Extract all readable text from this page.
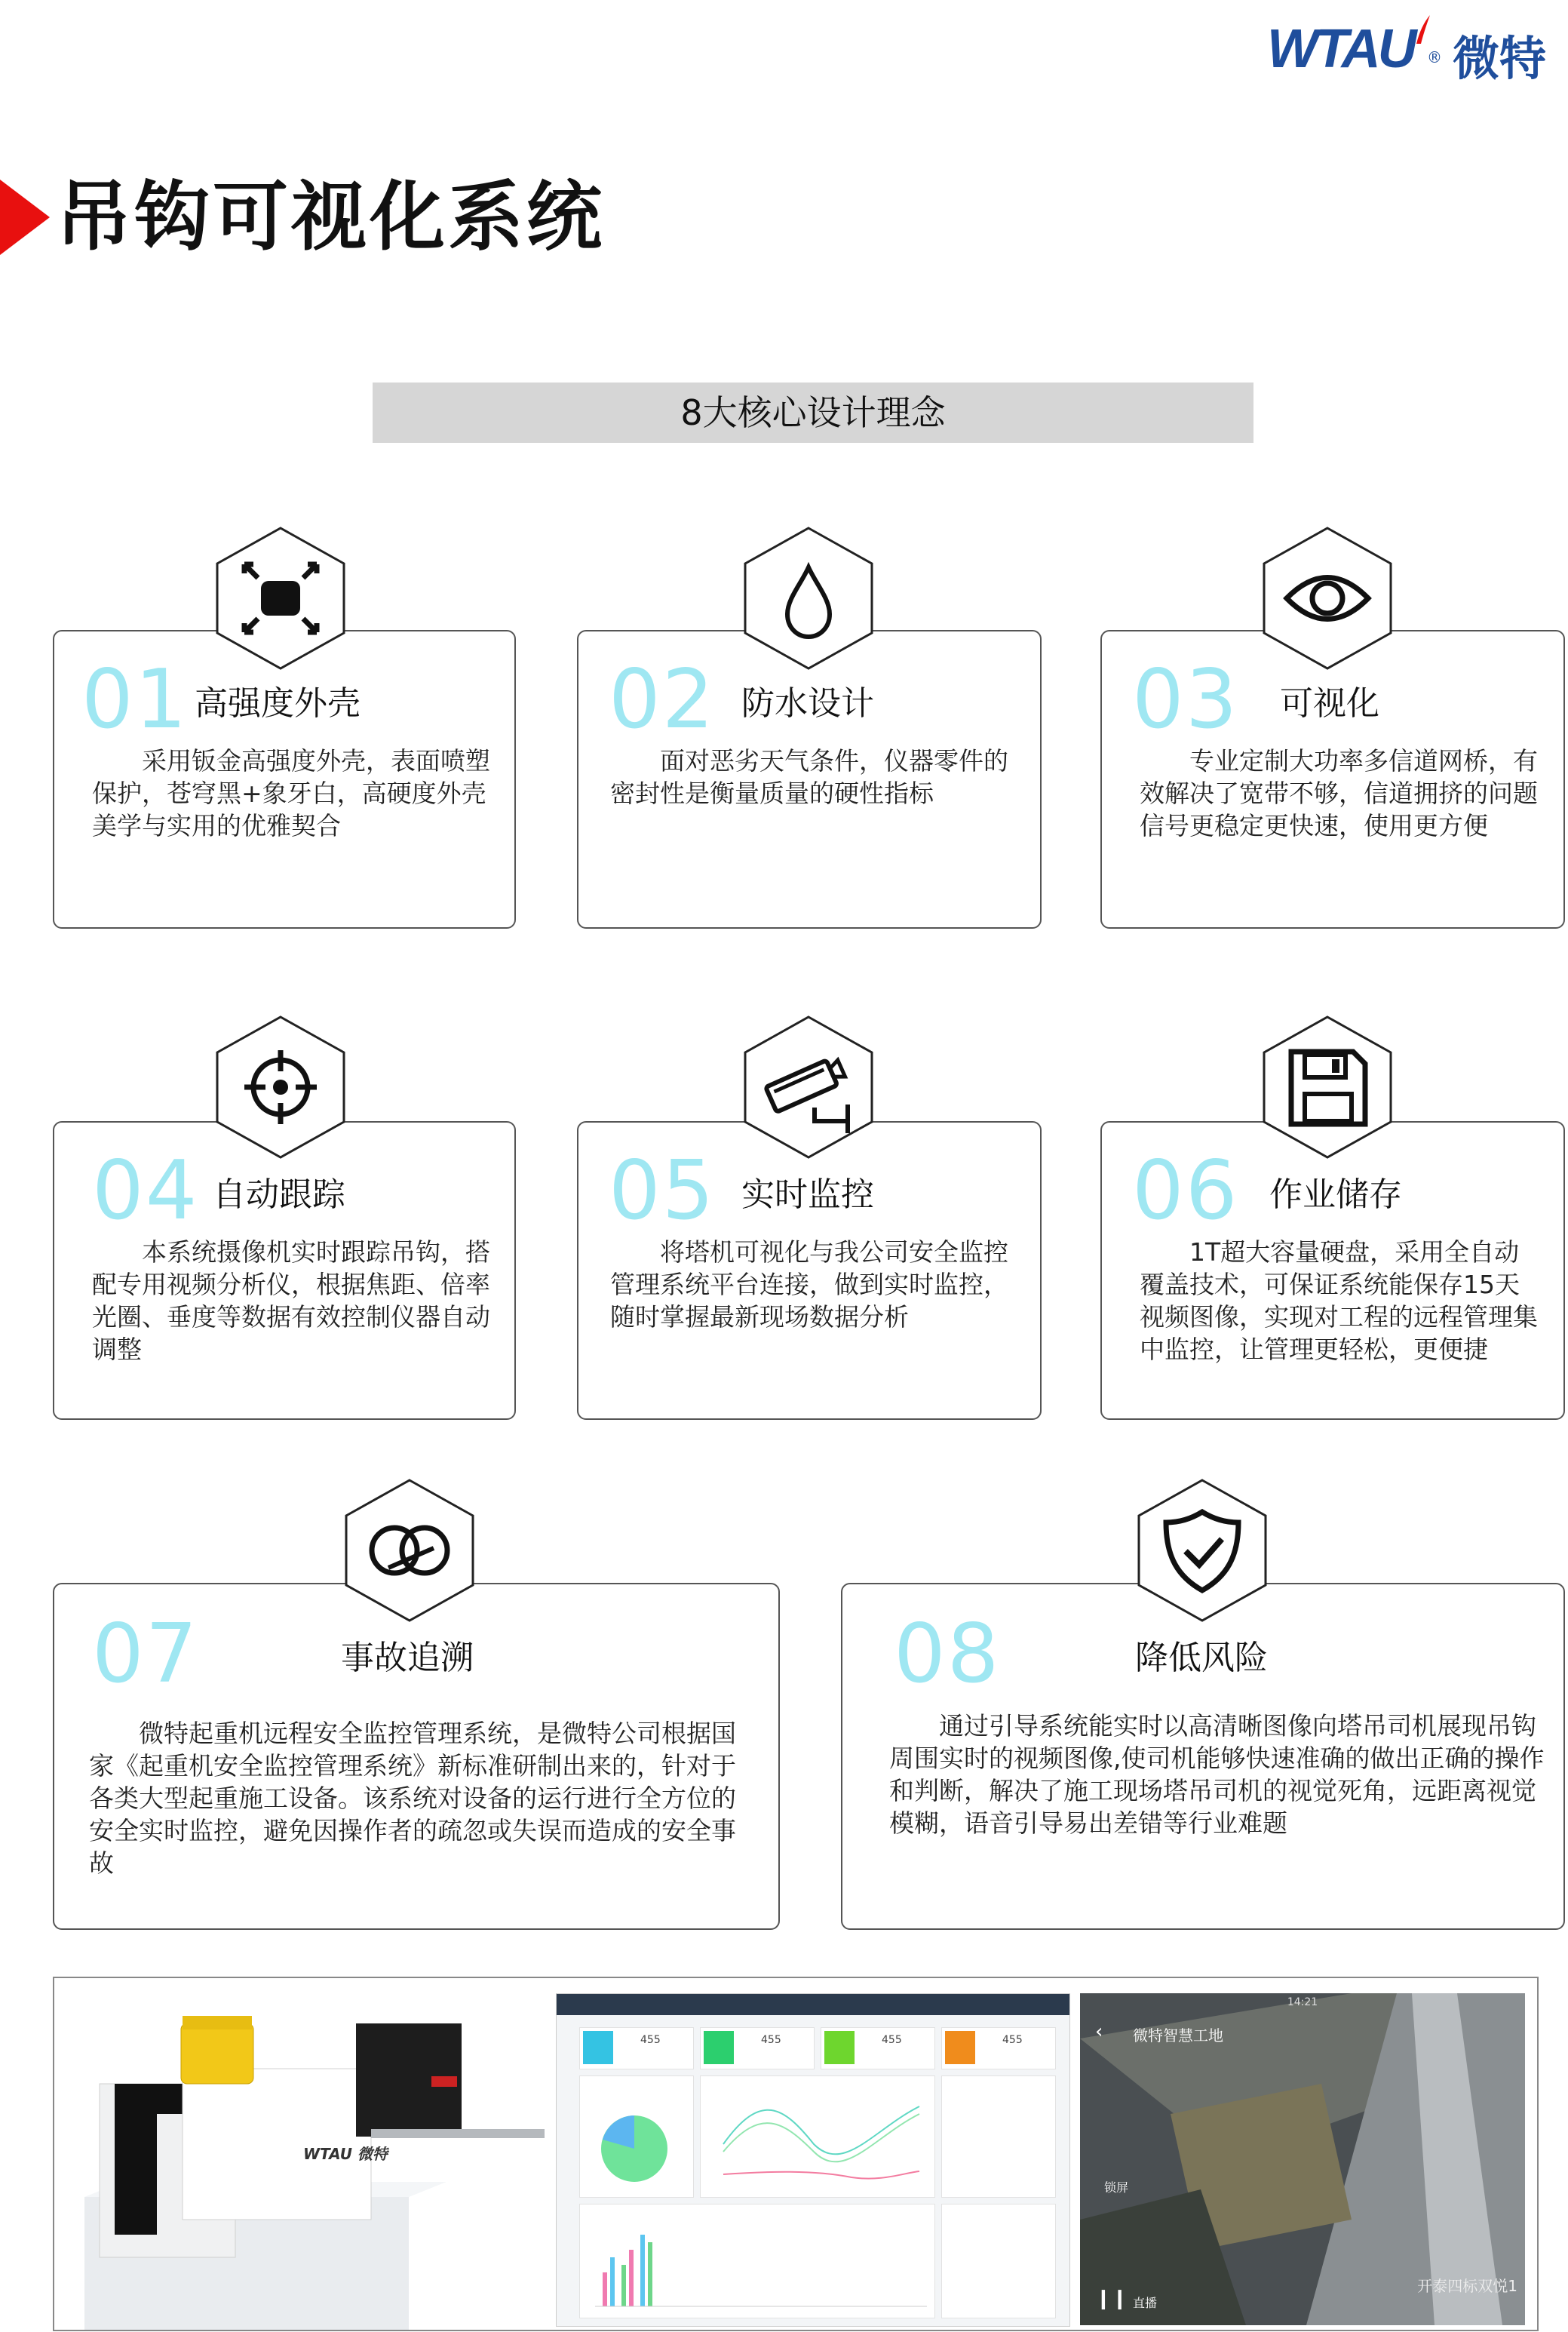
WTAU ® 微特
吊钩可视化系统
8大核心设计理念
01 高强度外壳
采用钣金高强度外壳，表面喷塑保护，苍穹黑+象牙白，高硬度外壳美学与实用的优雅契合
02 防水设计
面对恶劣天气条件，仪器零件的密封性是衡量质量的硬性指标
03 可视化
专业定制大功率多信道网桥，有效解决了宽带不够，信道拥挤的问题信号更稳定更快速，使用更方便
04 自动跟踪
本系统摄像机实时跟踪吊钩，搭配专用视频分析仪，根据焦距、倍率光圈、垂度等数据有效控制仪器自动调整
05 实时监控
将塔机可视化与我公司安全监控管理系统平台连接，做到实时监控，随时掌握最新现场数据分析
06 作业储存
1T超大容量硬盘，采用全自动覆盖技术，可保证系统能保存15天视频图像，实现对工程的远程管理集中监控，让管理更轻松，更便捷
07	事故追溯
微特起重机远程安全监控管理系统，是微特公司根据国家《起重机安全监控管理系统》新标准研制出来的，针对于各类大型起重施工设备。该系统对设备的运行进行全方位的安全实时监控，避免因操作者的疏忽或失误而造成的安全事故
08	降低风险
通过引导系统能实时以高清晰图像向塔吊司机展现吊钩周围实时的视频图像,使司机能够快速准确的做出正确的操作和判断，解决了施工现场塔吊司机的视觉死角，远距离视觉模糊，语音引导易出差错等行业难题
WTAU 微特
455	455	455	455
14:21
‹ 微特智慧工地
锁屏
❙❙ 直播
开泰四标双悦1
